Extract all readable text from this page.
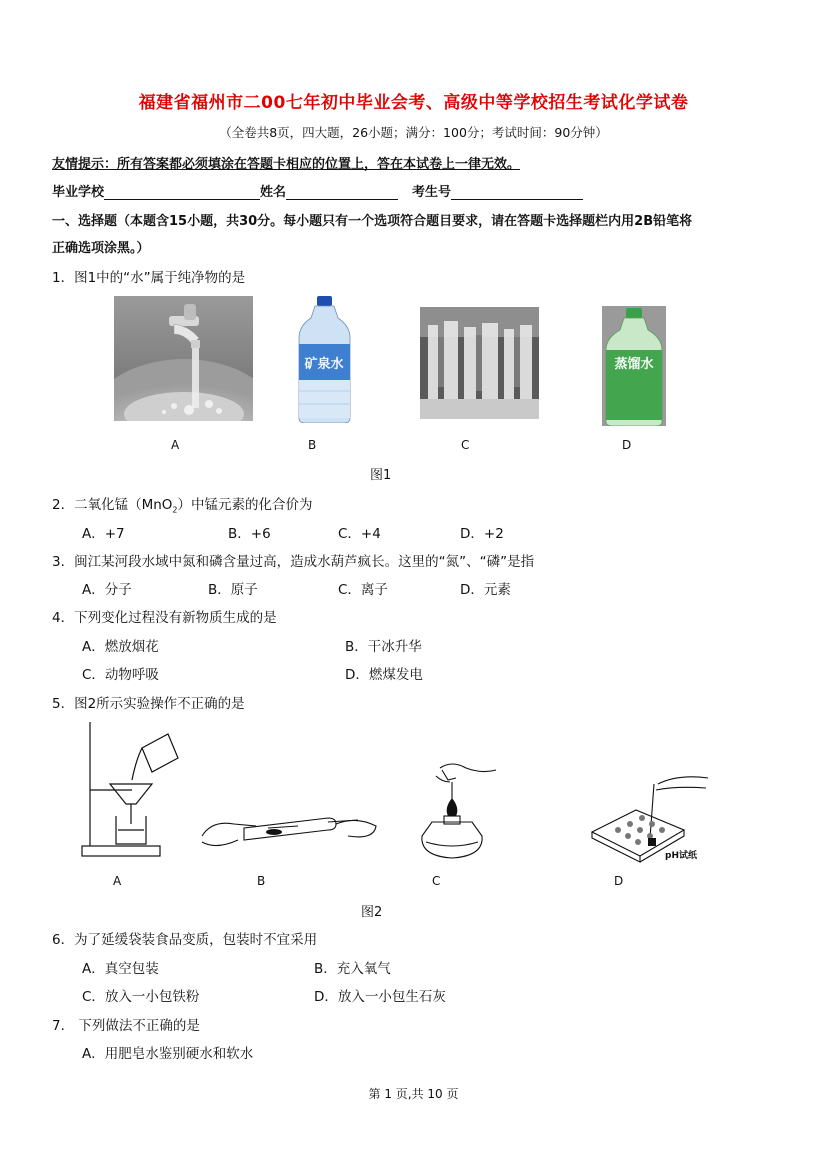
福建省福州市二00七年初中毕业会考、高级中等学校招生考试化学试卷
（全卷共8页，四大题，26小题；满分：100分；考试时间：90分钟）
友情提示：所有答案都必须填涂在答题卡相应的位置上，答在本试卷上一律无效。
毕业学校	姓名	考生号
一、选择题（本题含15小题，共30分。每小题只有一个选项符合题目要求，请在答题卡选择题栏内用2B铅笔将
正确选项涂黑。）
1．图1中的“水”属于纯净物的是
矿泉水	蒸馏水
A	B	C	D
图1
2．二氧化锰（MnO$_2$）中锰元素的化合价为
A．+7	B．+6	C．+4	D．+2
3．闽江某河段水域中氮和磷含量过高，造成水葫芦疯长。这里的“氮”、“磷”是指
A．分子	B．原子	C．离子	D．元素
4．下列变化过程没有新物质生成的是
A．燃放烟花	B．干冰升华
C．动物呼吸	D．燃煤发电
5．图2所示实验操作不正确的是
pH试纸
A	B	C	D
图2
6．为了延缓袋装食品变质，包装时不宜采用
A．真空包装	B．充入氧气
C．放入一小包铁粉	D．放入一小包生石灰
7． 下列做法不正确的是
A．用肥皂水鉴别硬水和软水
第 1 页,共 10 页
